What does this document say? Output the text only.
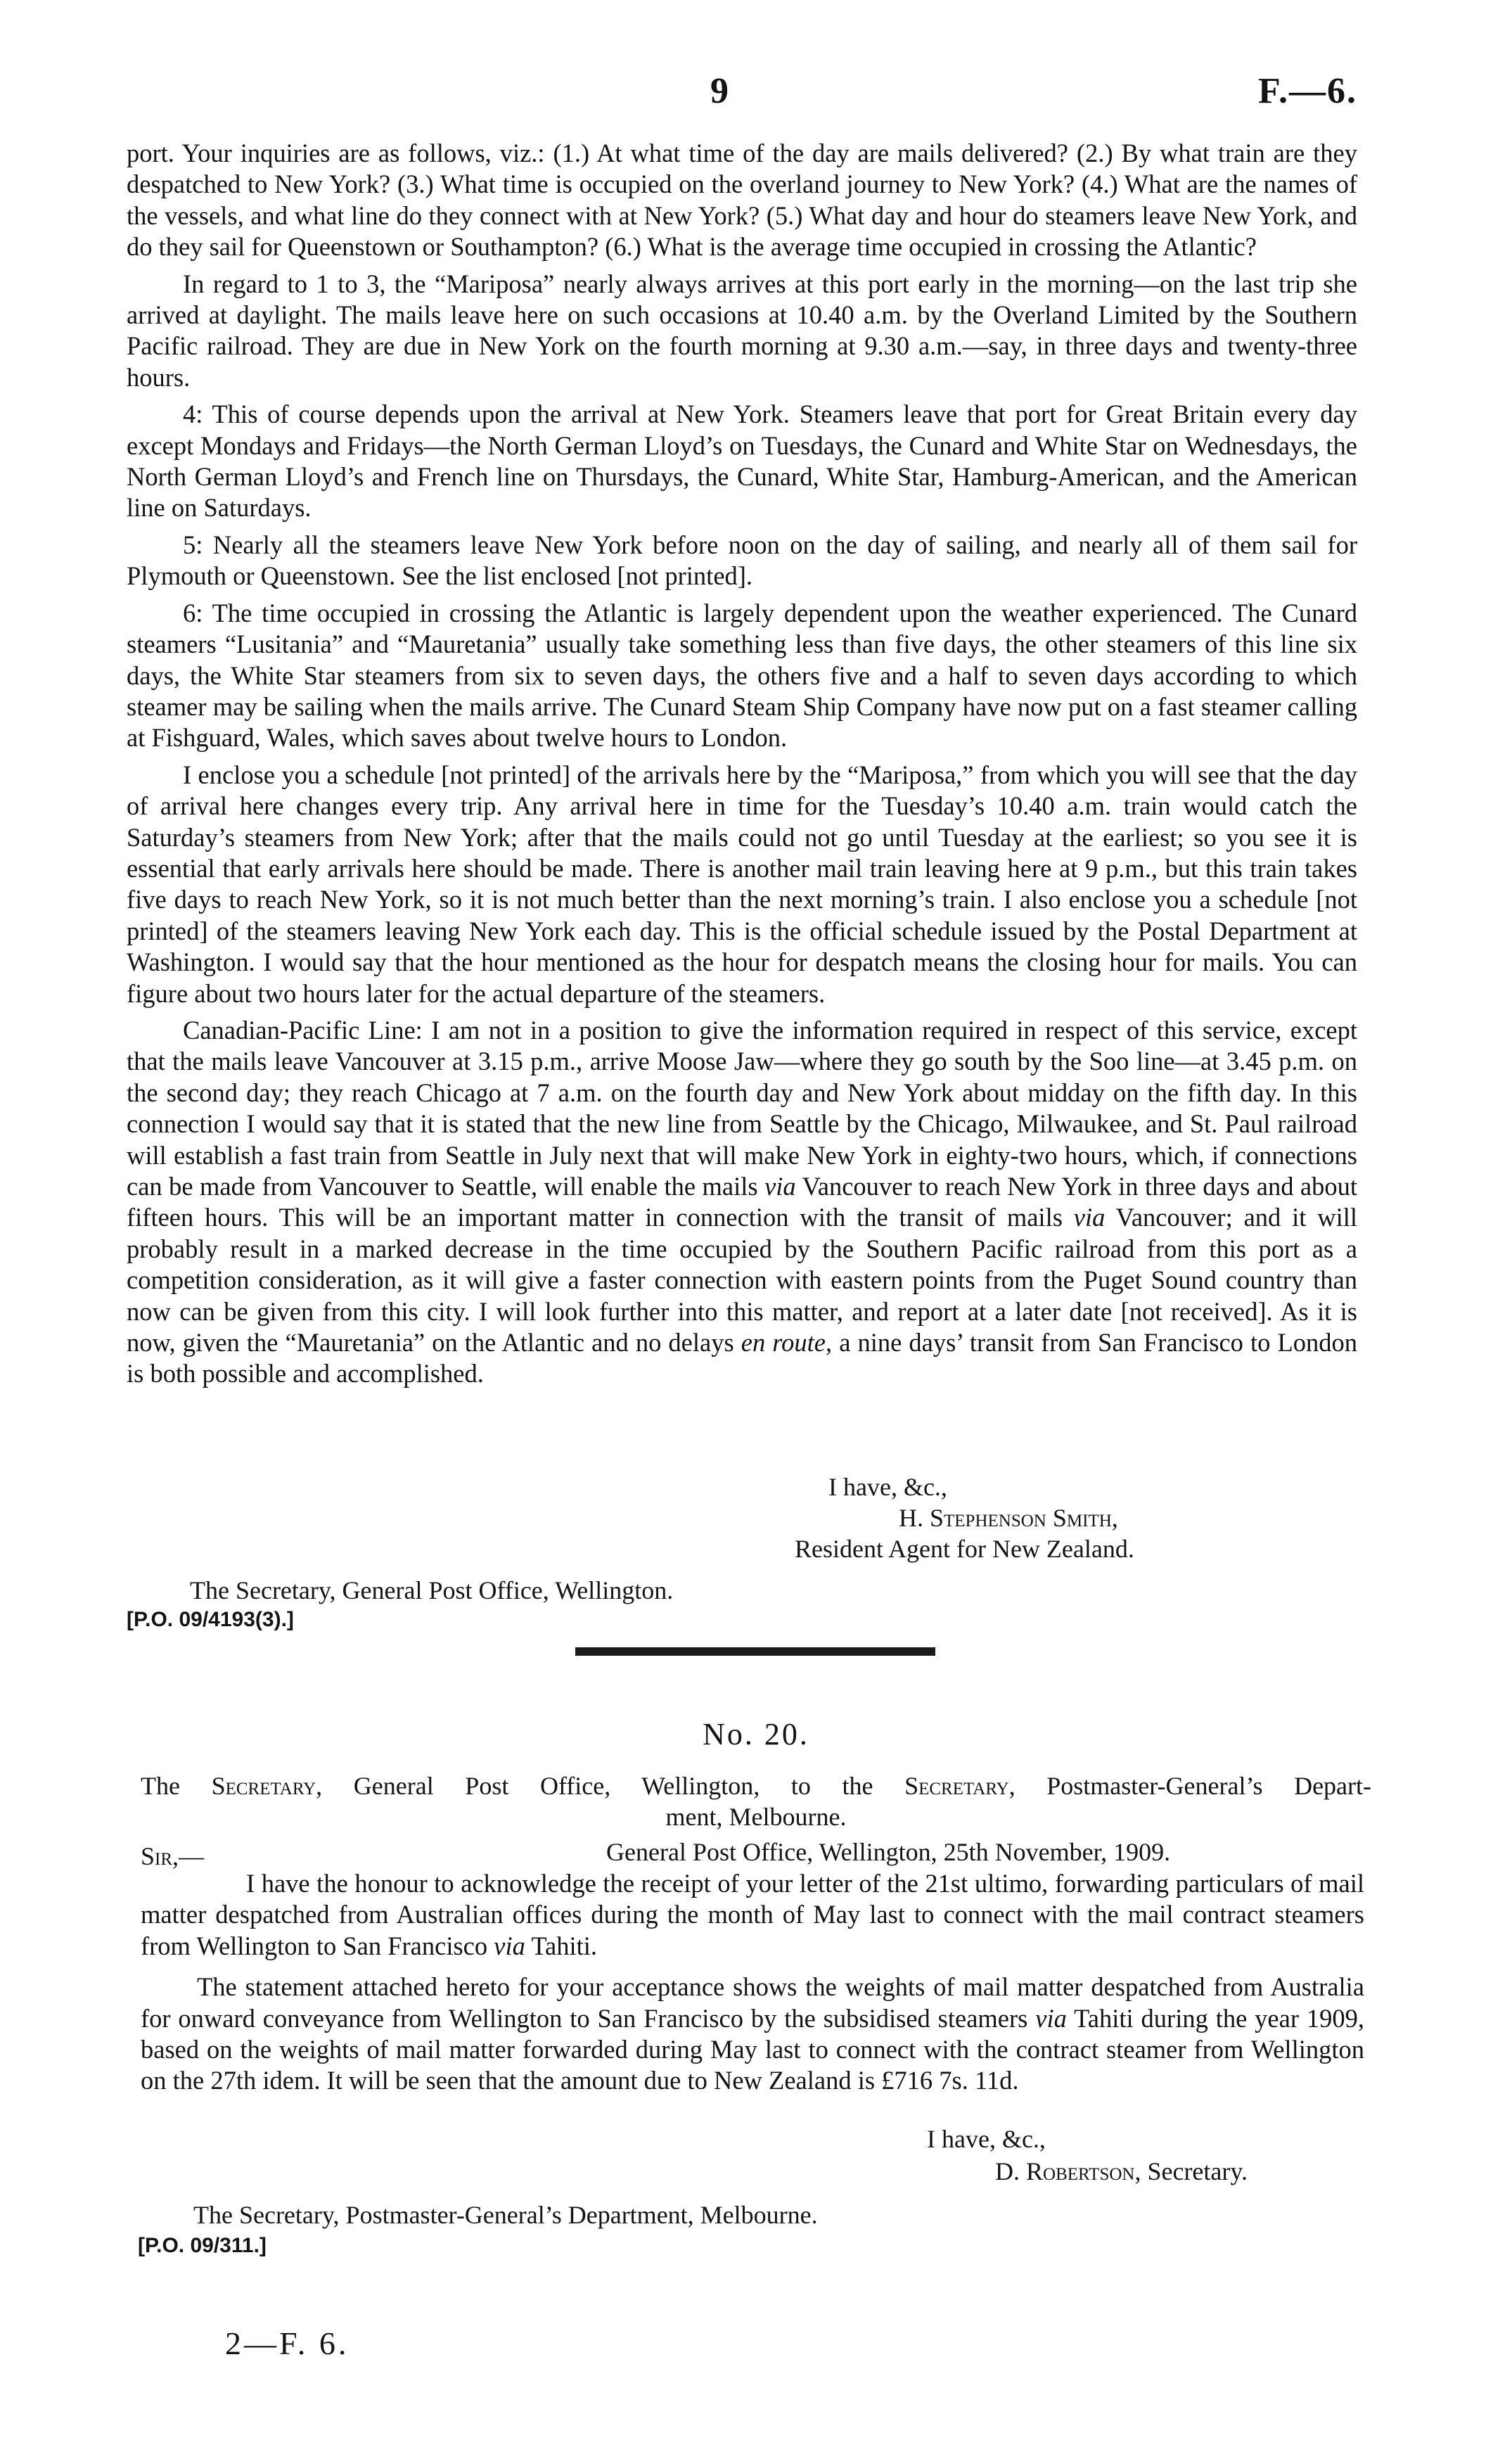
9	F.—6.

port. Your inquiries are as follows, viz.: (1.) At what time of the day are mails delivered? (2.) By what train are they despatched to New York? (3.) What time is occupied on the overland journey to New York? (4.) What are the names of the vessels, and what line do they connect with at New York? (5.) What day and hour do steamers leave New York, and do they sail for Queenstown or Southampton? (6.) What is the average time occupied in crossing the Atlantic?

In regard to 1 to 3, the “Mariposa” nearly always arrives at this port early in the morning—on the last trip she arrived at daylight. The mails leave here on such occasions at 10.40 a.m. by the Overland Limited by the Southern Pacific railroad. They are due in New York on the fourth morning at 9.30 a.m.—say, in three days and twenty-three hours.

4: This of course depends upon the arrival at New York. Steamers leave that port for Great Britain every day except Mondays and Fridays—the North German Lloyd’s on Tuesdays, the Cunard and White Star on Wednesdays, the North German Lloyd’s and French line on Thursdays, the Cunard, White Star, Hamburg-American, and the American line on Saturdays.

5: Nearly all the steamers leave New York before noon on the day of sailing, and nearly all of them sail for Plymouth or Queenstown. See the list enclosed [not printed].

6: The time occupied in crossing the Atlantic is largely dependent upon the weather experienced. The Cunard steamers “Lusitania” and “Mauretania” usually take something less than five days, the other steamers of this line six days, the White Star steamers from six to seven days, the others five and a half to seven days according to which steamer may be sailing when the mails arrive. The Cunard Steam Ship Company have now put on a fast steamer calling at Fishguard, Wales, which saves about twelve hours to London.

I enclose you a schedule [not printed] of the arrivals here by the “Mariposa,” from which you will see that the day of arrival here changes every trip. Any arrival here in time for the Tuesday’s 10.40 a.m. train would catch the Saturday’s steamers from New York; after that the mails could not go until Tuesday at the earliest; so you see it is essential that early arrivals here should be made. There is another mail train leaving here at 9 p.m., but this train takes five days to reach New York, so it is not much better than the next morning’s train. I also enclose you a schedule [not printed] of the steamers leaving New York each day. This is the official schedule issued by the Postal Department at Washington. I would say that the hour mentioned as the hour for despatch means the closing hour for mails. You can figure about two hours later for the actual departure of the steamers.

Canadian-Pacific Line: I am not in a position to give the information required in respect of this service, except that the mails leave Vancouver at 3.15 p.m., arrive Moose Jaw—where they go south by the Soo line—at 3.45 p.m. on the second day; they reach Chicago at 7 a.m. on the fourth day and New York about midday on the fifth day. In this connection I would say that it is stated that the new line from Seattle by the Chicago, Milwaukee, and St. Paul railroad will establish a fast train from Seattle in July next that will make New York in eighty-two hours, which, if connections can be made from Vancouver to Seattle, will enable the mails via Vancouver to reach New York in three days and about fifteen hours. This will be an important matter in connection with the transit of mails via Vancouver; and it will probably result in a marked decrease in the time occupied by the Southern Pacific railroad from this port as a competition consideration, as it will give a faster connection with eastern points from the Puget Sound country than now can be given from this city. I will look further into this matter, and report at a later date [not received]. As it is now, given the “Mauretania” on the Atlantic and no delays en route, a nine days’ transit from San Francisco to London is both possible and accomplished.

I have, &c.,
H. Stephenson Smith,
Resident Agent for New Zealand.
The Secretary, General Post Office, Wellington.
[P.O. 09/4193(3).]
No. 20.
The Secretary, General Post Office, Wellington, to the Secretary, Postmaster-General’s Depart-
ment, Melbourne.
Sir,—	General Post Office, Wellington, 25th November, 1909.

I have the honour to acknowledge the receipt of your letter of the 21st ultimo, forwarding particulars of mail matter despatched from Australian offices during the month of May last to connect with the mail contract steamers from Wellington to San Francisco via Tahiti.

The statement attached hereto for your acceptance shows the weights of mail matter despatched from Australia for onward conveyance from Wellington to San Francisco by the subsidised steamers via Tahiti during the year 1909, based on the weights of mail matter forwarded during May last to connect with the contract steamer from Wellington on the 27th idem. It will be seen that the amount due to New Zealand is £716 7s. 11d.

I have, &c.,
D. Robertson, Secretary.
The Secretary, Postmaster-General’s Department, Melbourne.
[P.O. 09/311.]
2—F. 6.
